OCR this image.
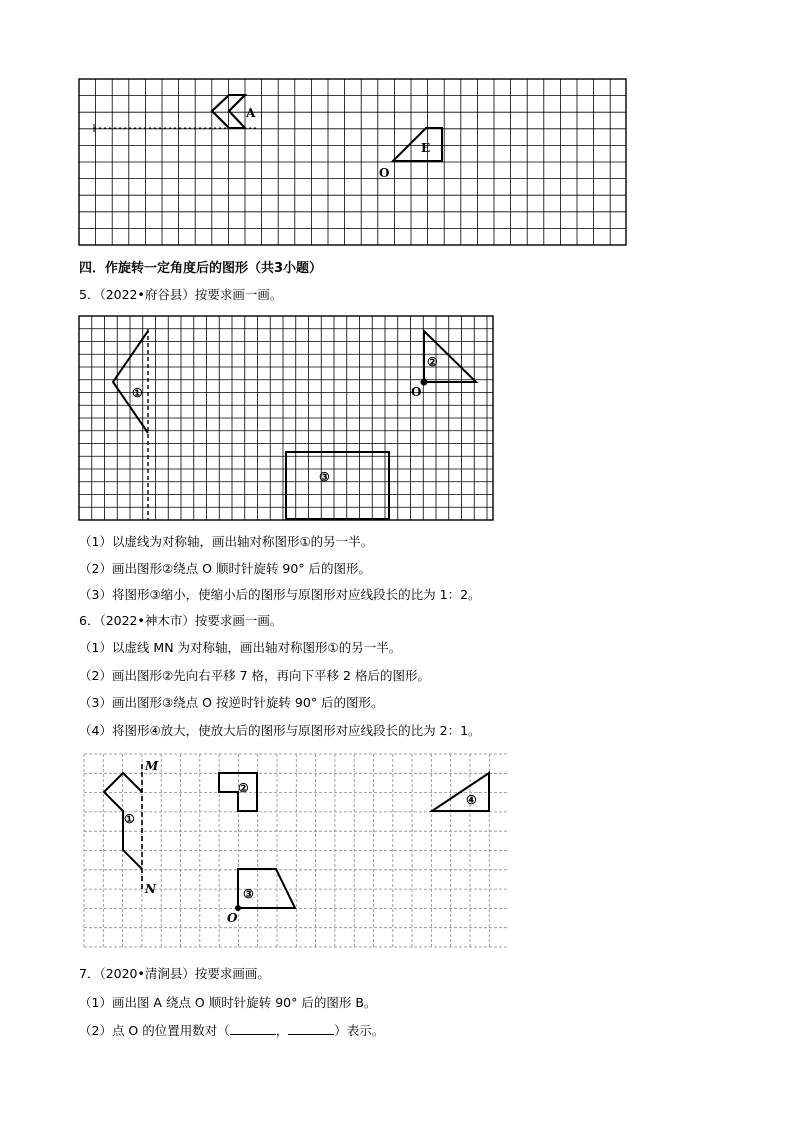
A
E
O
四．作旋转一定角度后的图形（共3小题）
5．（2022•府谷县）按要求画一画。
①
②
③
O
（1）以虚线为对称轴，画出轴对称图形①的另一半。
（2）画出图形②绕点 O 顺时针旋转 90° 后的图形。
（3）将图形③缩小，使缩小后的图形与原图形对应线段长的比为 1：2。
6．（2022•神木市）按要求画一画。
（1）以虚线 MN 为对称轴，画出轴对称图形①的另一半。
（2）画出图形②先向右平移 7 格，再向下平移 2 格后的图形。
（3）画出图形③绕点 O 按逆时针旋转 90° 后的图形。
（4）将图形④放大，使放大后的图形与原图形对应线段长的比为 2：1。
M
N
O
①
②
③
④
7．（2020•清涧县）按要求画画。
（1）画出图 A 绕点 O 顺时针旋转 90° 后的图形 B。
（2）点 O 的位置用数对（	，	）表示。
